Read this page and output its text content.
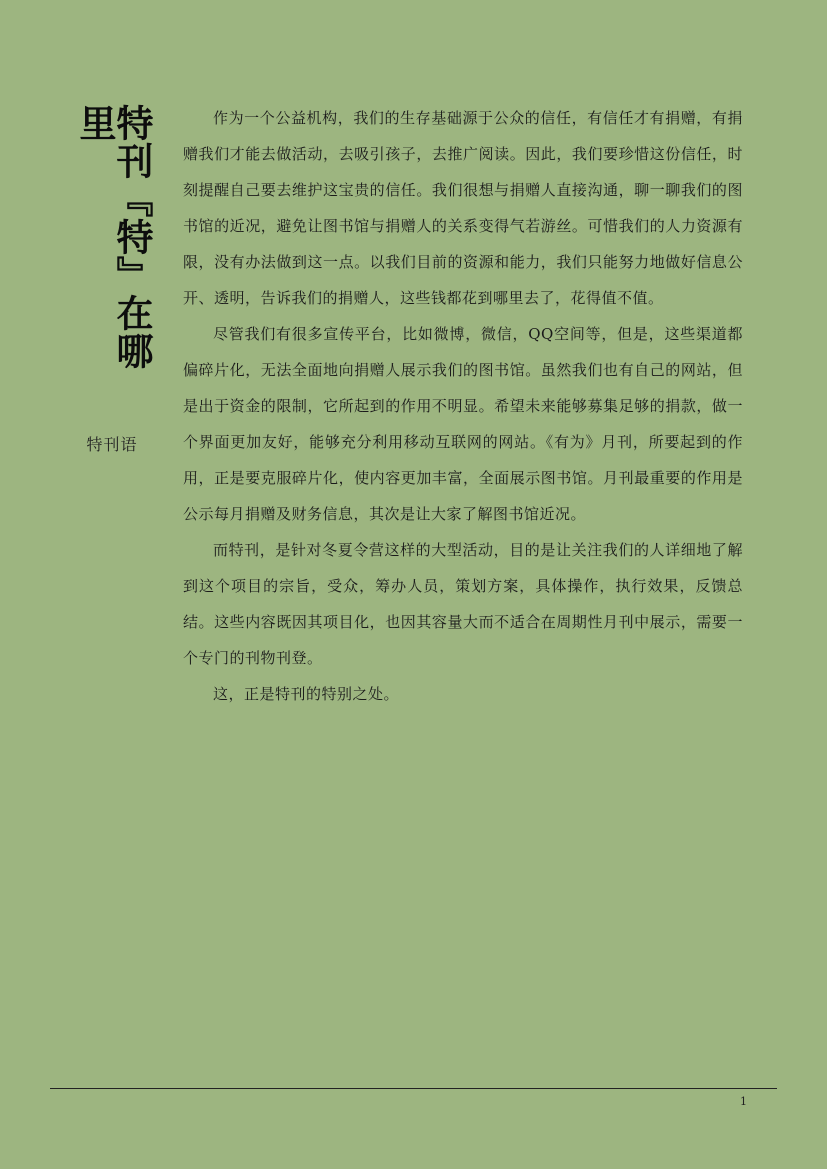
特刊『特』在哪里
特刊语

作为一个公益机构，我们的生存基础源于公众的信任，有信任才有捐赠，有捐赠我们才能去做活动，去吸引孩子，去推广阅读。因此，我们要珍惜这份信任，时刻提醒自己要去维护这宝贵的信任。我们很想与捐赠人直接沟通，聊一聊我们的图书馆的近况，避免让图书馆与捐赠人的关系变得气若游丝。可惜我们的人力资源有限，没有办法做到这一点。以我们目前的资源和能力，我们只能努力地做好信息公开、透明，告诉我们的捐赠人，这些钱都花到哪里去了，花得值不值。

尽管我们有很多宣传平台，比如微博，微信，QQ空间等，但是，这些渠道都偏碎片化，无法全面地向捐赠人展示我们的图书馆。虽然我们也有自己的网站，但是出于资金的限制，它所起到的作用不明显。希望未来能够募集足够的捐款，做一个界面更加友好，能够充分利用移动互联网的网站。《有为》月刊，所要起到的作用，正是要克服碎片化，使内容更加丰富，全面展示图书馆。月刊最重要的作用是公示每月捐赠及财务信息，其次是让大家了解图书馆近况。

而特刊，是针对冬夏令营这样的大型活动，目的是让关注我们的人详细地了解到这个项目的宗旨，受众，筹办人员，策划方案，具体操作，执行效果，反馈总结。这些内容既因其项目化，也因其容量大而不适合在周期性月刊中展示，需要一个专门的刊物刊登。

这，正是特刊的特别之处。

1
